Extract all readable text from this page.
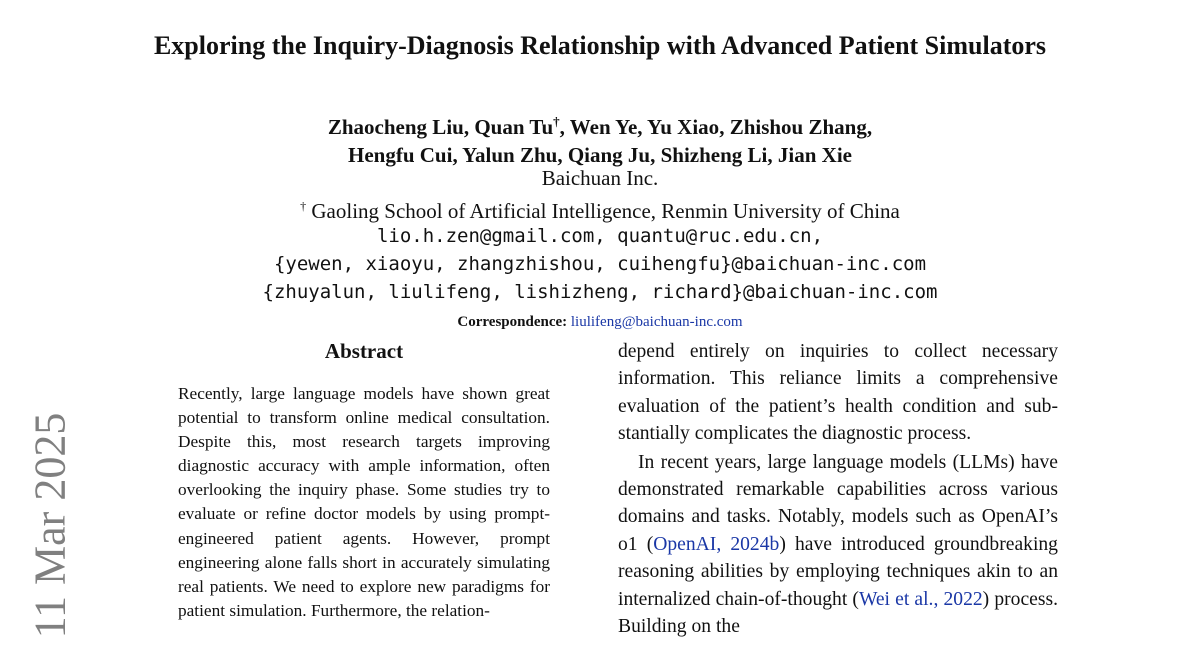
11 Mar 2025
Exploring the Inquiry-Diagnosis Relationship with Advanced Patient Simulators
Zhaocheng Liu, Quan Tu†, Wen Ye, Yu Xiao, Zhishou Zhang,
Hengfu Cui, Yalun Zhu, Qiang Ju, Shizheng Li, Jian Xie
Baichuan Inc.
† Gaoling School of Artificial Intelligence, Renmin University of China
lio.h.zen@gmail.com, quantu@ruc.edu.cn,
{yewen, xiaoyu, zhangzhishou, cuihengfu}@baichuan-inc.com
{zhuyalun, liulifeng, lishizheng, richard}@baichuan-inc.com
Correspondence: liulifeng@baichuan-inc.com
Abstract

Recently, large language models have shown great potential to transform online medical consultation. Despite this, most research targets improving diagnostic accuracy with ample information, often overlooking the inquiry phase. Some studies try to evaluate or refine doctor models by using prompt-engineered patient agents. However, prompt engineering alone falls short in accurately simulating real patients. We need to explore new paradigms for patient simulation. Furthermore, the relation-

depend entirely on inquiries to collect necessary information. This reliance limits a comprehensive evaluation of the patient’s health condition and substantially complicates the diagnostic process.

In recent years, large language models (LLMs) have demonstrated remarkable capabilities across various domains and tasks. Notably, models such as OpenAI’s o1 (OpenAI, 2024b) have introduced groundbreaking reasoning abilities by employing techniques akin to an internalized chain-of-thought (Wei et al., 2022) process. Building on the
